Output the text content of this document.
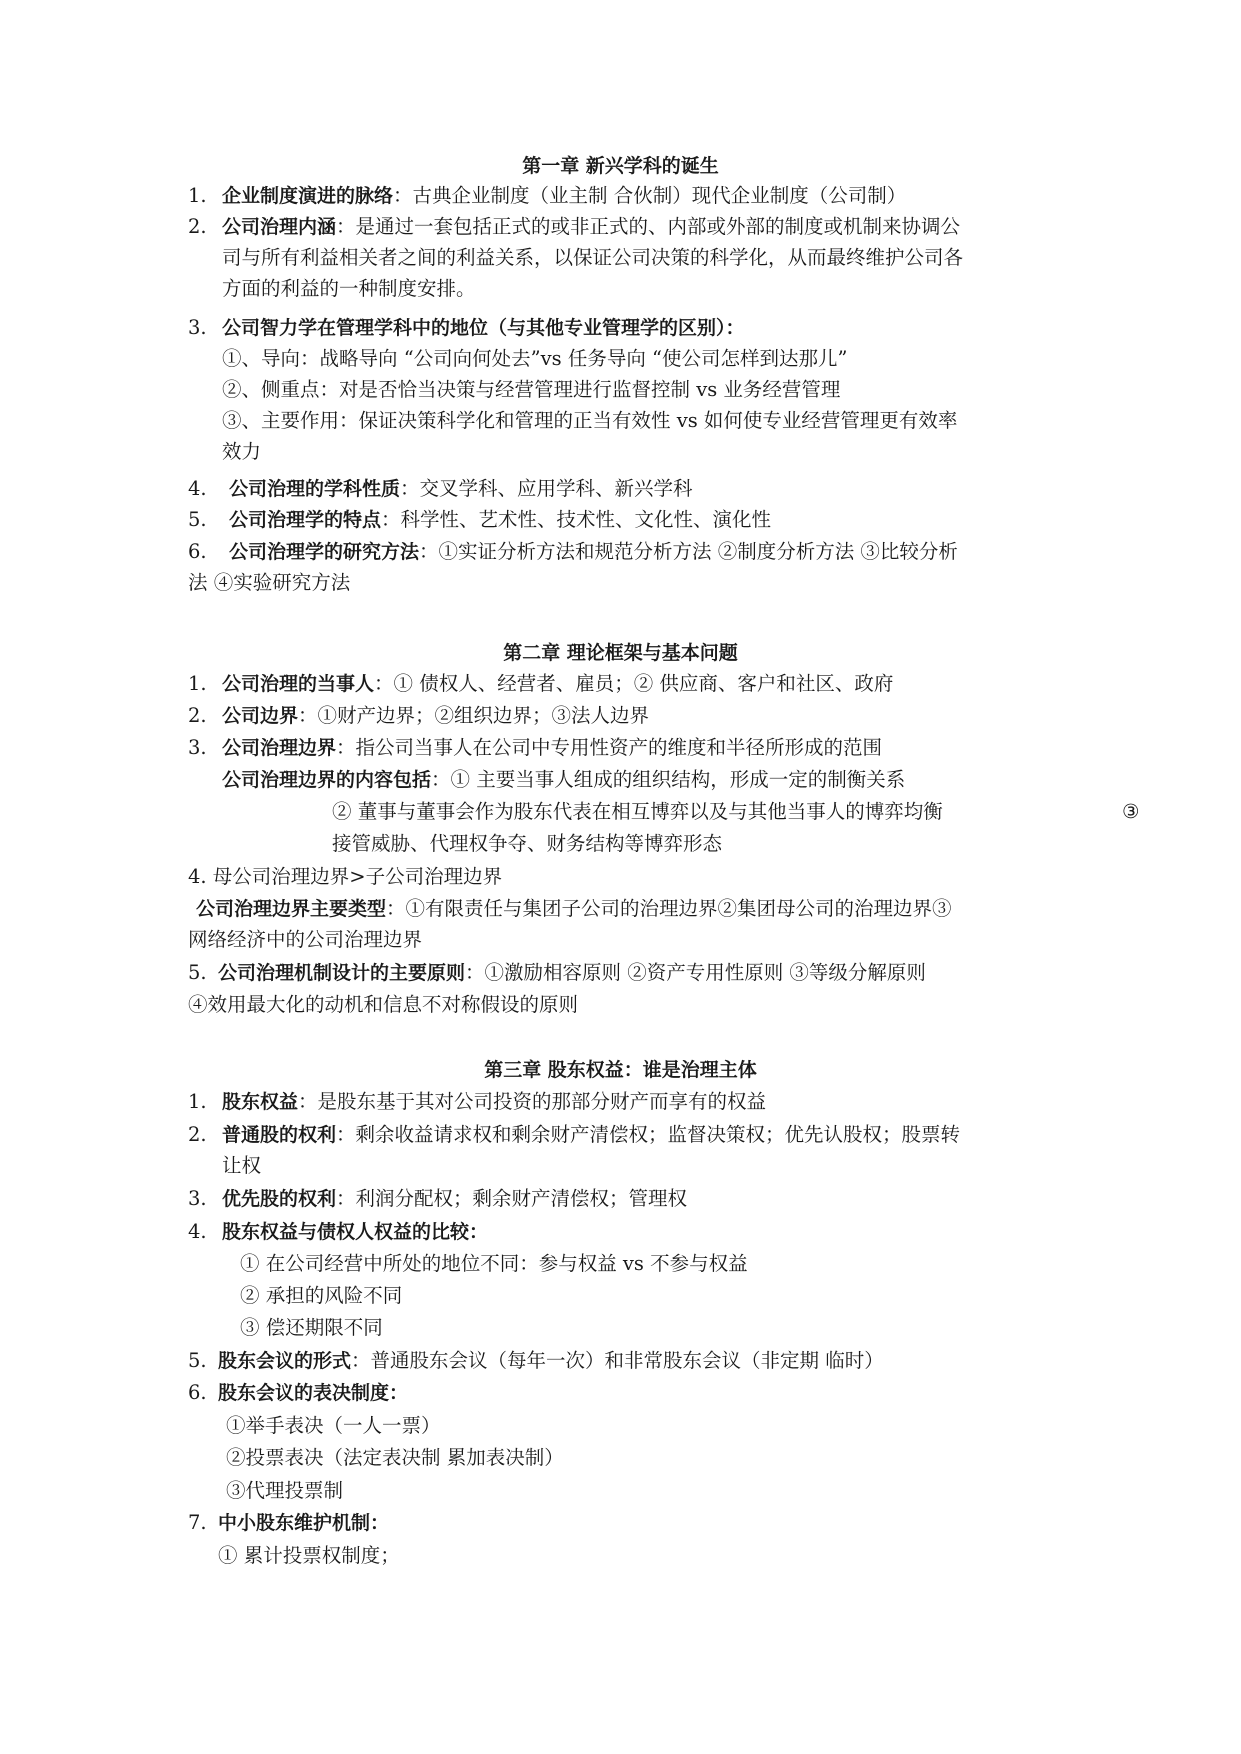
第一章 新兴学科的诞生
1. 企业制度演进的脉络：古典企业制度（业主制 合伙制）现代企业制度（公司制）
2. 公司治理内涵：是通过一套包括正式的或非正式的、内部或外部的制度或机制来协调公
司与所有利益相关者之间的利益关系，以保证公司决策的科学化，从而最终维护公司各
方面的利益的一种制度安排。
3. 公司智力学在管理学科中的地位（与其他专业管理学的区别）：
①、导向：战略导向 “公司向何处去”vs 任务导向 “使公司怎样到达那儿”
②、侧重点：对是否恰当决策与经营管理进行监督控制 vs 业务经营管理
③、主要作用：保证决策科学化和管理的正当有效性 vs 如何使专业经营管理更有效率
效力
4. 公司治理的学科性质：交叉学科、应用学科、新兴学科
5. 公司治理学的特点：科学性、艺术性、技术性、文化性、演化性
6. 公司治理学的研究方法：①实证分析方法和规范分析方法 ②制度分析方法 ③比较分析
法 ④实验研究方法
第二章 理论框架与基本问题
1. 公司治理的当事人：① 债权人、经营者、雇员；② 供应商、客户和社区、政府
2. 公司边界：①财产边界；②组织边界；③法人边界
3. 公司治理边界：指公司当事人在公司中专用性资产的维度和半径所形成的范围
公司治理边界的内容包括：① 主要当事人组成的组织结构，形成一定的制衡关系
② 董事与董事会作为股东代表在相互博弈以及与其他当事人的博弈均衡	③
接管威胁、代理权争夺、财务结构等博弈形态
4. 母公司治理边界>子公司治理边界
公司治理边界主要类型：①有限责任与集团子公司的治理边界②集团母公司的治理边界③
网络经济中的公司治理边界
5. 公司治理机制设计的主要原则：①激励相容原则 ②资产专用性原则 ③等级分解原则
④效用最大化的动机和信息不对称假设的原则
第三章 股东权益：谁是治理主体
1. 股东权益：是股东基于其对公司投资的那部分财产而享有的权益
2. 普通股的权利：剩余收益请求权和剩余财产清偿权；监督决策权；优先认股权；股票转
让权
3. 优先股的权利：利润分配权；剩余财产清偿权；管理权
4. 股东权益与债权人权益的比较：
① 在公司经营中所处的地位不同：参与权益 vs 不参与权益
② 承担的风险不同
③ 偿还期限不同
5. 股东会议的形式：普通股东会议（每年一次）和非常股东会议（非定期 临时）
6. 股东会议的表决制度：
①举手表决（一人一票）
②投票表决（法定表决制 累加表决制）
③代理投票制
7. 中小股东维护机制：
① 累计投票权制度；
